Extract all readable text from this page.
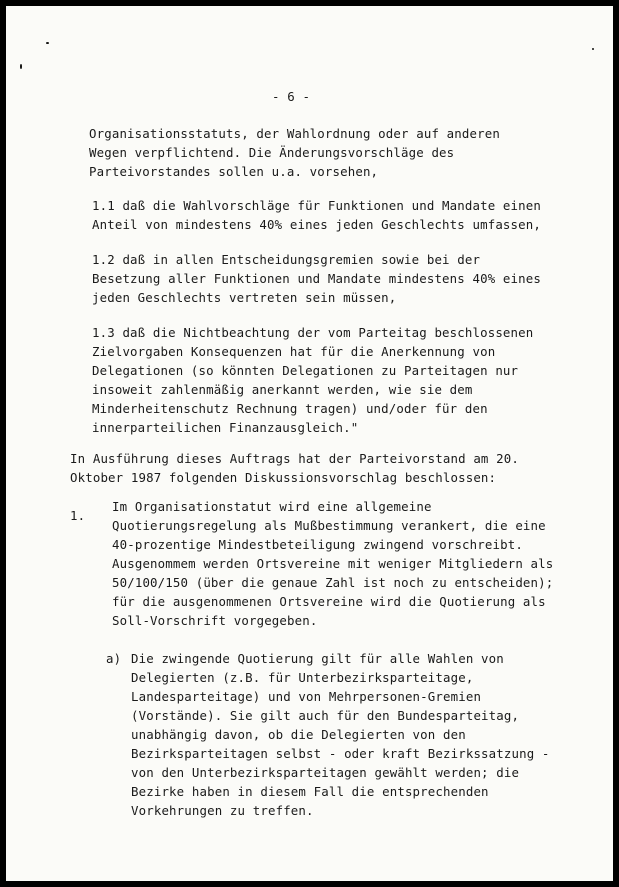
- 6 -
Organisationsstatuts, der Wahlordnung oder auf anderen
Wegen verpflichtend. Die Änderungsvorschläge des
Parteivorstandes sollen u.a. vorsehen,
1.1 daß die Wahlvorschläge für Funktionen und Mandate einen
Anteil von mindestens 40% eines jeden Geschlechts umfassen,
1.2 daß in allen Entscheidungsgremien sowie bei der
Besetzung aller Funktionen und Mandate mindestens 40% eines
jeden Geschlechts vertreten sein müssen,
1.3 daß die Nichtbeachtung der vom Parteitag beschlossenen
Zielvorgaben Konsequenzen hat für die Anerkennung von
Delegationen (so könnten Delegationen zu Parteitagen nur
insoweit zahlenmäßig anerkannt werden, wie sie dem
Minderheitenschutz Rechnung tragen) und/oder für den
innerparteilichen Finanzausgleich."
In Ausführung dieses Auftrags hat der Parteivorstand am 20.
Oktober 1987 folgenden Diskussionsvorschlag beschlossen:
1.
Im Organisationstatut wird eine allgemeine
Quotierungsregelung als Mußbestimmung verankert, die eine
40-prozentige Mindestbeteiligung zwingend vorschreibt.
Ausgenommem werden Ortsvereine mit weniger Mitgliedern als
50/100/150 (über die genaue Zahl ist noch zu entscheiden);
für die ausgenommenen Ortsvereine wird die Quotierung als
Soll-Vorschrift vorgegeben.
a) Die zwingende Quotierung gilt für alle Wahlen von
Delegierten (z.B. für Unterbezirksparteitage,
Landesparteitage) und von Mehrpersonen-Gremien
(Vorstände). Sie gilt auch für den Bundesparteitag,
unabhängig davon, ob die Delegierten von den
Bezirksparteitagen selbst - oder kraft Bezirkssatzung -
von den Unterbezirksparteitagen gewählt werden; die
Bezirke haben in diesem Fall die entsprechenden
Vorkehrungen zu treffen.
